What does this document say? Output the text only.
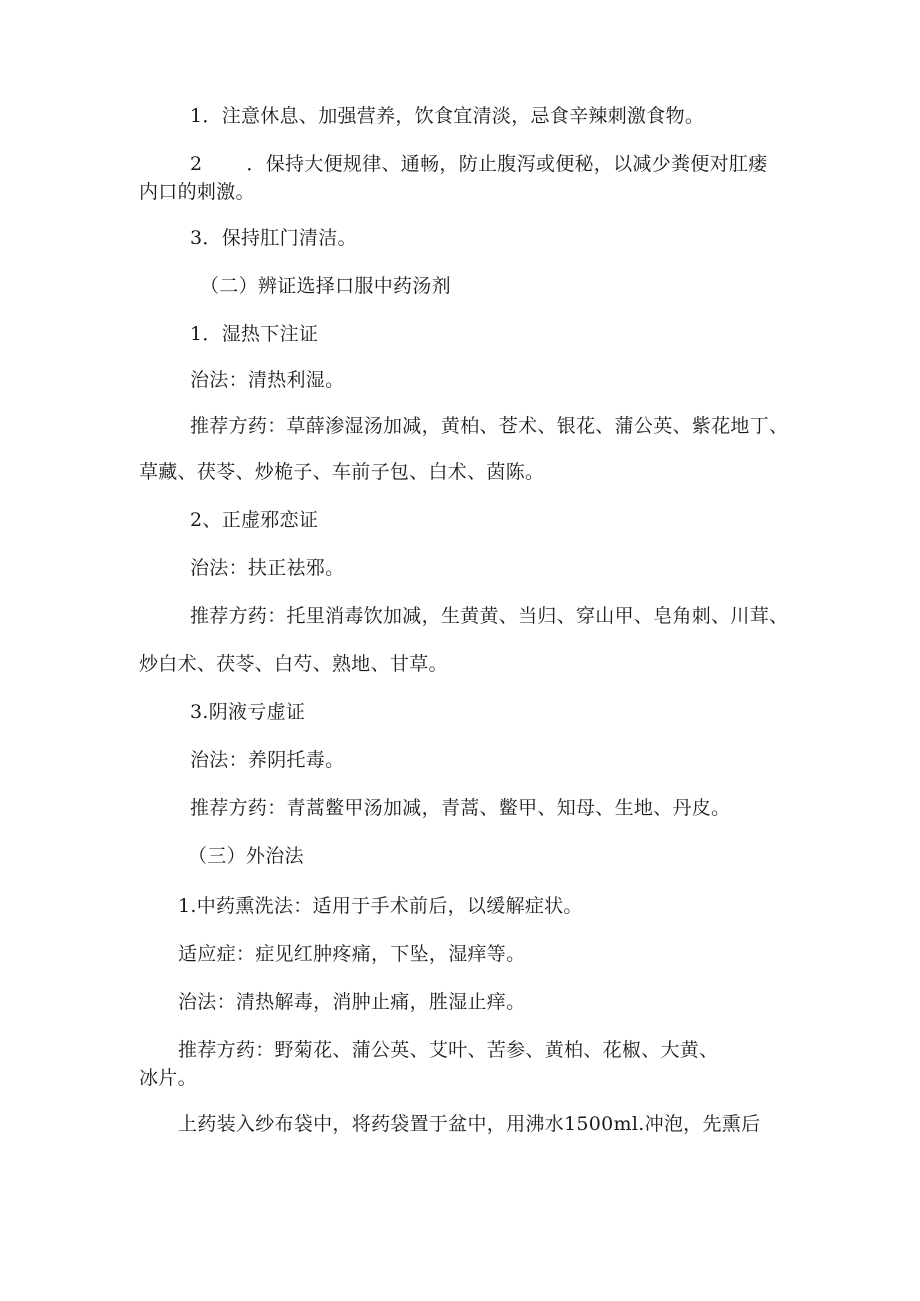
1．注意休息、加强营养，饮食宜清淡，忌食辛辣刺激食物。
2 ．保持大便规律、通畅，防止腹泻或便秘，以减少粪便对肛瘘
内口的刺激。
3．保持肛门清洁。
（二）辨证选择口服中药汤剂
1．湿热下注证
治法：清热利湿。
推荐方药：草薛渗湿汤加减，黄柏、苍术、银花、蒲公英、紫花地丁、
草藏、茯苓、炒桅子、车前子包、白术、茵陈。
2、正虚邪恋证
治法：扶正祛邪。
推荐方药：托里消毒饮加减，生黄黄、当归、穿山甲、皂角刺、川茸、
炒白术、茯苓、白芍、熟地、甘草。
3.阴液亏虚证
治法：养阴托毒。
推荐方药：青蒿鳖甲汤加减，青蒿、鳖甲、知母、生地、丹皮。
（三）外治法
1.中药熏洗法：适用于手术前后，以缓解症状。
适应症：症见红肿疼痛，下坠，湿痒等。
治法：清热解毒，消肿止痛，胜湿止痒。
推荐方药：野菊花、蒲公英、艾叶、苦参、黄柏、花椒、大黄、
冰片。
上药装入纱布袋中，将药袋置于盆中，用沸水1500ml.冲泡，先熏后
